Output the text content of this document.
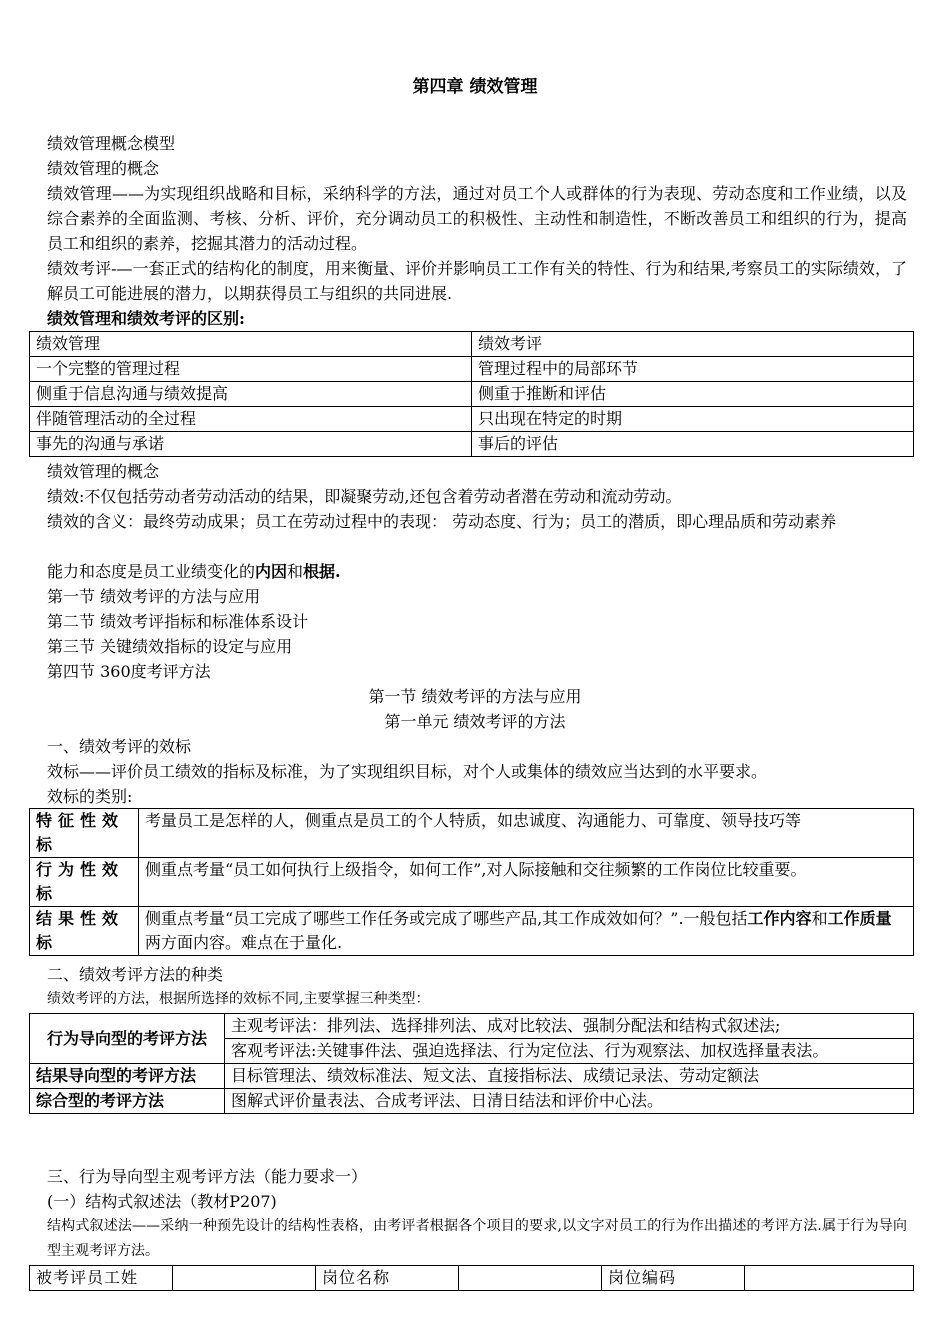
第四章 绩效管理
绩效管理概念模型
绩效管理的概念
绩效管理——为实现组织战略和目标，采纳科学的方法，通过对员工个人或群体的行为表现、劳动态度和工作业绩，以及综合素养的全面监测、考核、分析、评价，充分调动员工的积极性、主动性和制造性，不断改善员工和组织的行为，提高员工和组织的素养，挖掘其潜力的活动过程。
绩效考评-—一套正式的结构化的制度，用来衡量、评价并影响员工工作有关的特性、行为和结果,考察员工的实际绩效，了解员工可能进展的潜力，以期获得员工与组织的共同进展.
绩效管理和绩效考评的区别:
绩效管理	绩效考评
一个完整的管理过程	管理过程中的局部环节
侧重于信息沟通与绩效提高	侧重于推断和评估
伴随管理活动的全过程	只出现在特定的时期
事先的沟通与承诺	事后的评估
绩效管理的概念
绩效:不仅包括劳动者劳动活动的结果，即凝聚劳动,还包含着劳动者潜在劳动和流动劳动。
绩效的含义：最终劳动成果；员工在劳动过程中的表现： 劳动态度、行为；员工的潜质，即心理品质和劳动素养
能力和态度是员工业绩变化的内因和根据.
第一节 绩效考评的方法与应用
第二节 绩效考评指标和标准体系设计
第三节 关键绩效指标的设定与应用
第四节 360度考评方法
第一节 绩效考评的方法与应用
第一单元 绩效考评的方法
一、绩效考评的效标
效标——评价员工绩效的指标及标准，为了实现组织目标，对个人或集体的绩效应当达到的水平要求。
效标的类别:
特征性效标	考量员工是怎样的人，侧重点是员工的个人特质，如忠诚度、沟通能力、可靠度、领导技巧等
行为性效标	侧重点考量“员工如何执行上级指令，如何工作”,对人际接触和交往频繁的工作岗位比较重要。
结果性效标	侧重点考量“员工完成了哪些工作任务或完成了哪些产品,其工作成效如何？”.一般包括工作内容和工作质量两方面内容。难点在于量化.
二、绩效考评方法的种类
绩效考评的方法，根据所选择的效标不同,主要掌握三种类型：
行为导向型的考评方法	主观考评法：排列法、选择排列法、成对比较法、强制分配法和结构式叙述法;
	客观考评法:关键事件法、强迫选择法、行为定位法、行为观察法、加权选择量表法。
结果导向型的考评方法	目标管理法、绩效标准法、短文法、直接指标法、成绩记录法、劳动定额法
综合型的考评方法	图解式评价量表法、合成考评法、日清日结法和评价中心法。
三、行为导向型主观考评方法（能力要求一）
(一）结构式叙述法（教材P207)
结构式叙述法——采纳一种预先设计的结构性表格，由考评者根据各个项目的要求,以文字对员工的行为作出描述的考评方法.属于行为导向型主观考评方法。
被考评员工姓		岗位名称		岗位编码	
